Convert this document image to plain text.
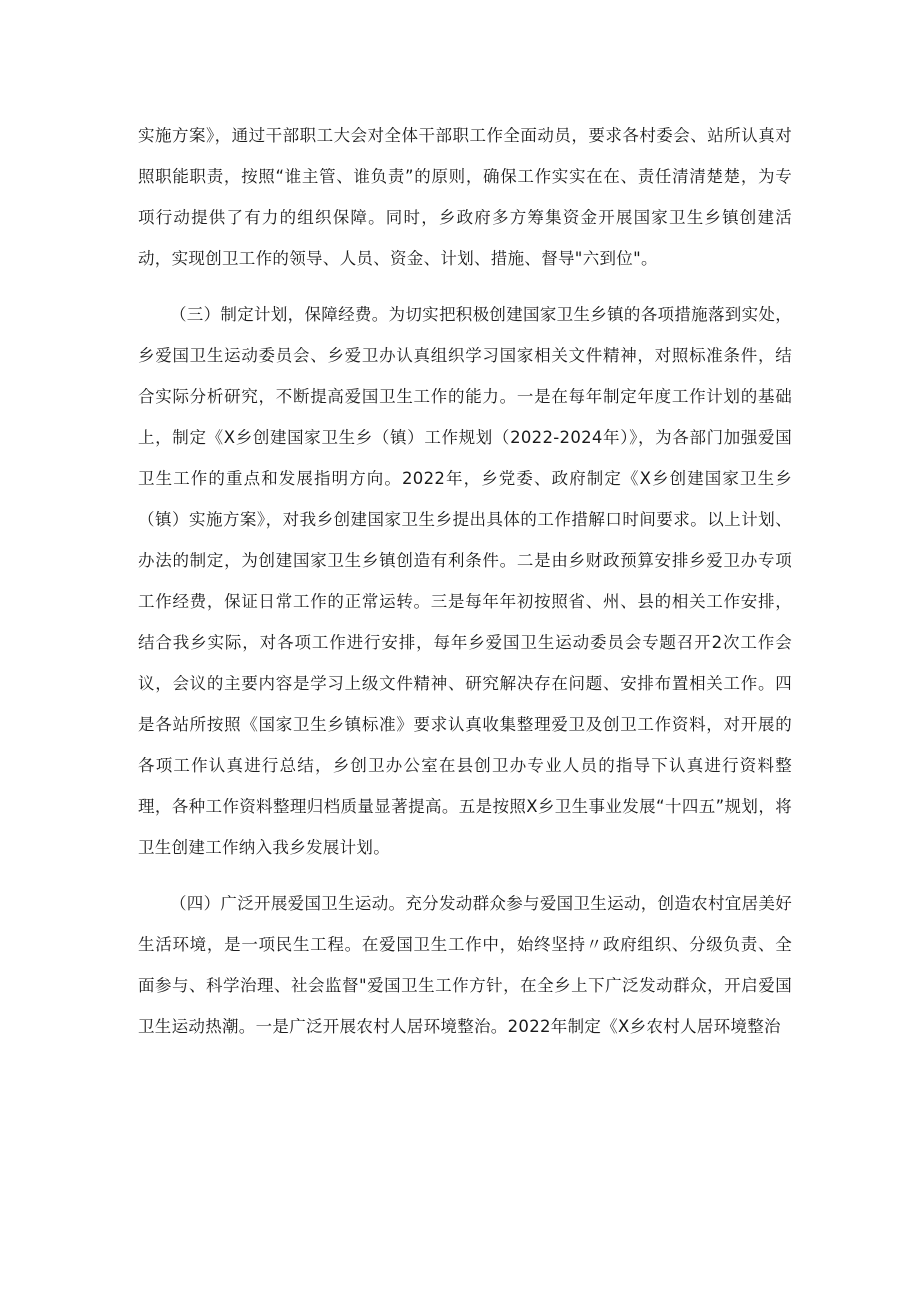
实施方案》，通过干部职工大会对全体干部职工作全面动员，要求各村委会、站所认真对照职能职责，按照“谁主管、谁负责”的原则，确保工作实实在在、责任清清楚楚，为专项行动提供了有力的组织保障。同时，乡政府多方筹集资金开展国家卫生乡镇创建活动，实现创卫工作的领导、人员、资金、计划、措施、督导"六到位"。

（三）制定计划，保障经费。为切实把积极创建国家卫生乡镇的各项措施落到实处，乡爱国卫生运动委员会、乡爱卫办认真组织学习国家相关文件精神，对照标准条件，结合实际分析研究，不断提高爱国卫生工作的能力。一是在每年制定年度工作计划的基础上，制定《X乡创建国家卫生乡（镇）工作规划（2022-2024年）》，为各部门加强爱国卫生工作的重点和发展指明方向。2022年，乡党委、政府制定《X乡创建国家卫生乡（镇）实施方案》，对我乡创建国家卫生乡提出具体的工作措解口时间要求。以上计划、办法的制定，为创建国家卫生乡镇创造有利条件。二是由乡财政预算安排乡爱卫办专项工作经费，保证日常工作的正常运转。三是每年年初按照省、州、县的相关工作安排，结合我乡实际，对各项工作进行安排，每年乡爱国卫生运动委员会专题召开2次工作会议，会议的主要内容是学习上级文件精神、研究解决存在问题、安排布置相关工作。四是各站所按照《国家卫生乡镇标准》要求认真收集整理爱卫及创卫工作资料，对开展的各项工作认真进行总结，乡创卫办公室在县创卫办专业人员的指导下认真进行资料整理，各种工作资料整理归档质量显著提高。五是按照X乡卫生事业发展“十四五”规划，将卫生创建工作纳入我乡发展计划。

（四）广泛开展爱国卫生运动。充分发动群众参与爱国卫生运动，创造农村宜居美好生活环境，是一项民生工程。在爱国卫生工作中，始终坚持〃政府组织、分级负责、全面参与、科学治理、社会监督"爱国卫生工作方针，在全乡上下广泛发动群众，开启爱国卫生运动热潮。一是广泛开展农村人居环境整治。2022年制定《X乡农村人居环境整治
